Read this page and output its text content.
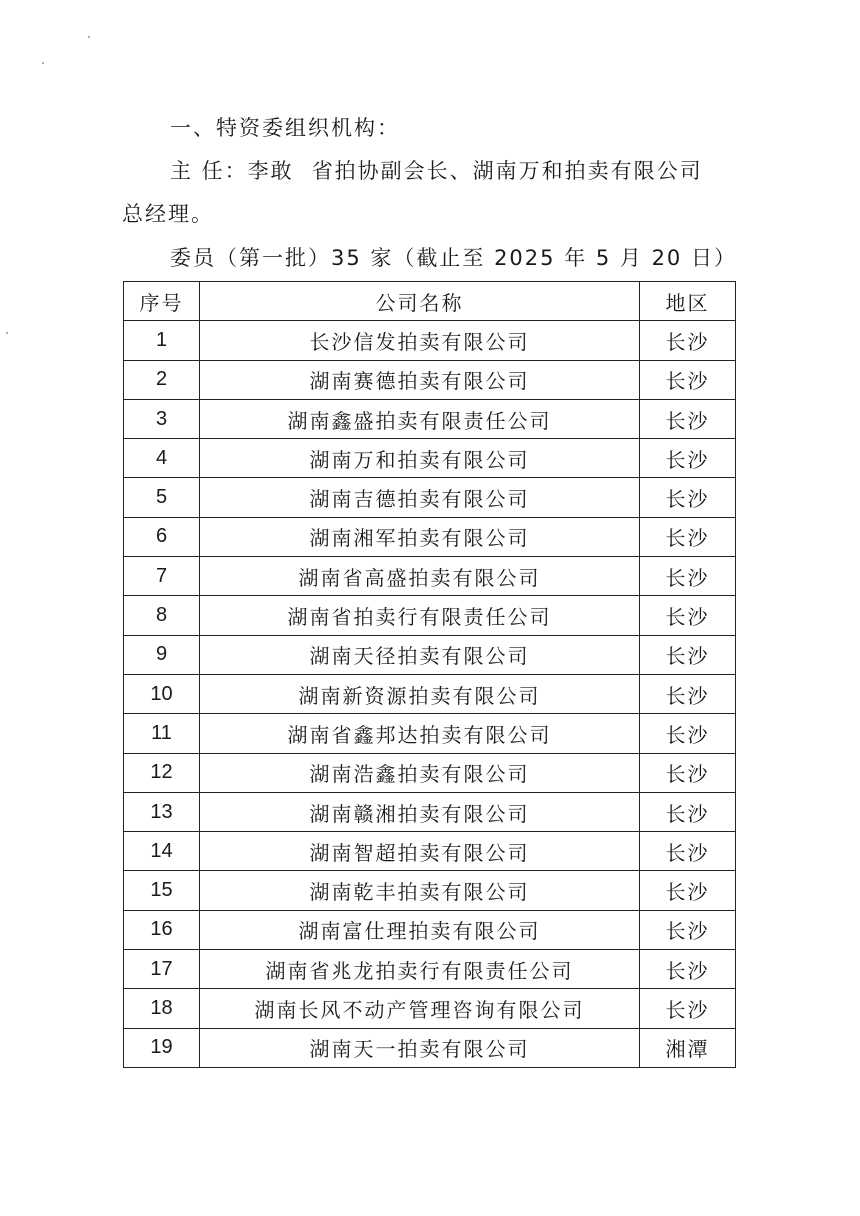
一、特资委组织机构：
主 任：李敢 省拍协副会长、湖南万和拍卖有限公司
总经理。
委员（第一批）35 家（截止至 2025 年 5 月 20 日）
序号	公司名称	地区
1	长沙信发拍卖有限公司	长沙
2	湖南赛德拍卖有限公司	长沙
3	湖南鑫盛拍卖有限责任公司	长沙
4	湖南万和拍卖有限公司	长沙
5	湖南吉德拍卖有限公司	长沙
6	湖南湘军拍卖有限公司	长沙
7	湖南省高盛拍卖有限公司	长沙
8	湖南省拍卖行有限责任公司	长沙
9	湖南天径拍卖有限公司	长沙
10	湖南新资源拍卖有限公司	长沙
11	湖南省鑫邦达拍卖有限公司	长沙
12	湖南浩鑫拍卖有限公司	长沙
13	湖南赣湘拍卖有限公司	长沙
14	湖南智超拍卖有限公司	长沙
15	湖南乾丰拍卖有限公司	长沙
16	湖南富仕理拍卖有限公司	长沙
17	湖南省兆龙拍卖行有限责任公司	长沙
18	湖南长风不动产管理咨询有限公司	长沙
19	湖南天一拍卖有限公司	湘潭
